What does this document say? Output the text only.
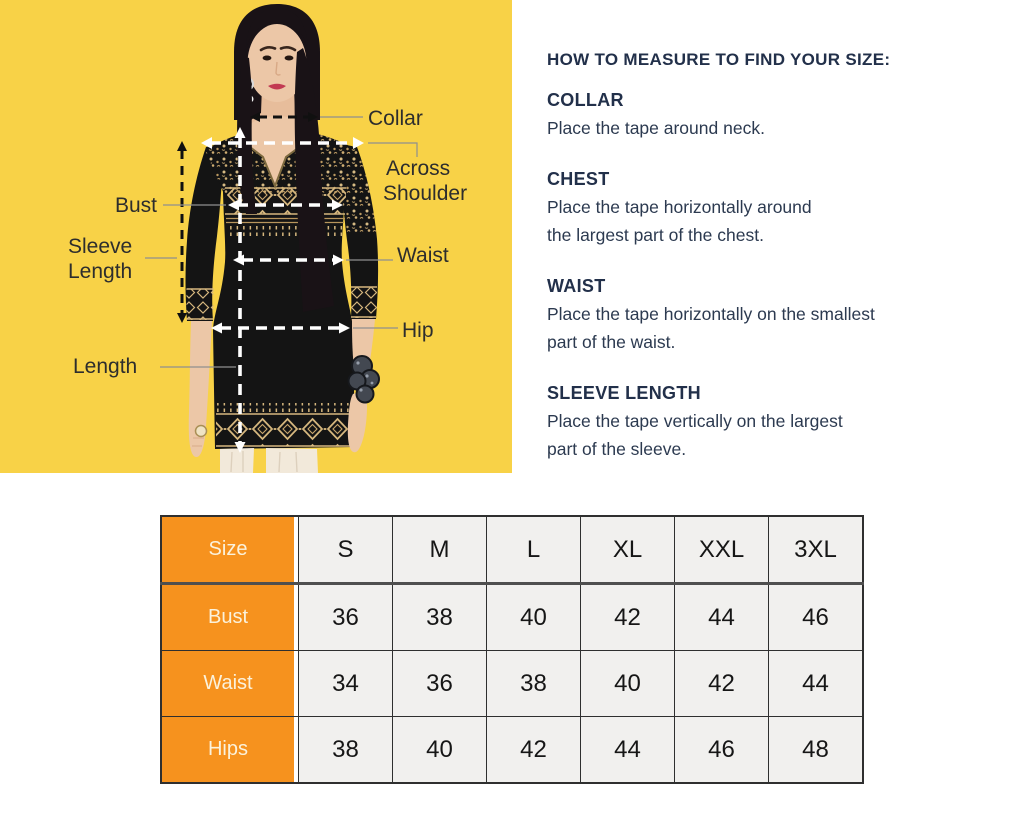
Collar
Across
Shoulder
Bust
Sleeve
Length
Waist
Hip
Length
HOW TO MEASURE TO FIND YOUR SIZE:
COLLAR
Place the tape around neck.
CHEST
Place the tape horizontally around
the largest part of the chest.
WAIST
Place the tape horizontally on the smallest
part of the waist.
SLEEVE LENGTH
Place the tape vertically on the largest
part of the sleeve.
Size	S	M	L	XL	XXL	3XL

Bust	36	38	40	42	44	46

Waist	34	36	38	40	42	44

Hips	38	40	42	44	46	48
